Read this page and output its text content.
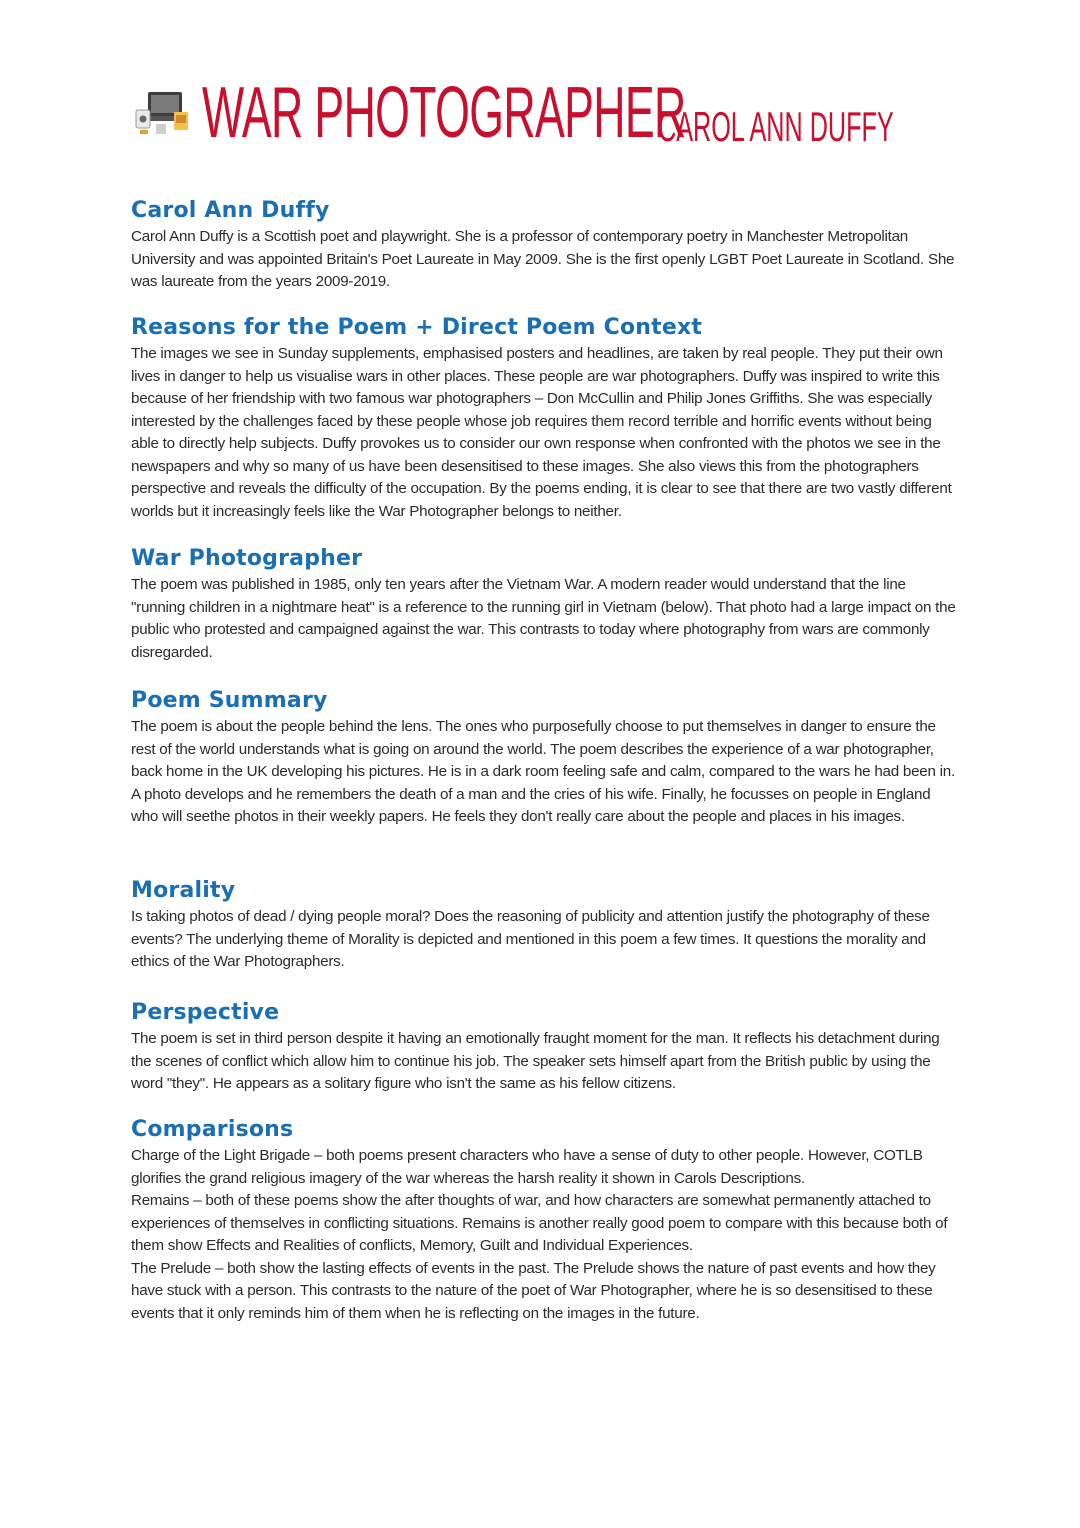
WAR PHOTOGRAPHER
CAROL ANN DUFFY
Carol Ann Duffy

Carol Ann Duffy is a Scottish poet and playwright. She is a professor of contemporary poetry in Manchester Metropolitan University and was appointed Britain's Poet Laureate in May 2009. She is the first openly LGBT Poet Laureate in Scotland. She was laureate from the years 2009-2019.

Reasons for the Poem + Direct Poem Context

The images we see in Sunday supplements, emphasised posters and headlines, are taken by real people. They put their own lives in danger to help us visualise wars in other places. These people are war photographers. Duffy was inspired to write this because of her friendship with two famous war photographers – Don McCullin and Philip Jones Griffiths. She was especially interested by the challenges faced by these people whose job requires them record terrible and horrific events without being able to directly help subjects. Duffy provokes us to consider our own response when confronted with the photos we see in the newspapers and why so many of us have been desensitised to these images. She also views this from the photographers perspective and reveals the difficulty of the occupation. By the poems ending, it is clear to see that there are two vastly different worlds but it increasingly feels like the War Photographer belongs to neither.

War Photographer

The poem was published in 1985, only ten years after the Vietnam War. A modern reader would understand that the line "running children in a nightmare heat" is a reference to the running girl in Vietnam (below). That photo had a large impact on the public who protested and campaigned against the war. This contrasts to today where photography from wars are commonly disregarded.

Poem Summary

The poem is about the people behind the lens. The ones who purposefully choose to put themselves in danger to ensure the rest of the world understands what is going on around the world. The poem describes the experience of a war photographer, back home in the UK developing his pictures. He is in a dark room feeling safe and calm, compared to the wars he had been in. A photo develops and he remembers the death of a man and the cries of his wife. Finally, he focusses on people in England who will seethe photos in their weekly papers. He feels they don't really care about the people and places in his images.

Morality

Is taking photos of dead / dying people moral? Does the reasoning of publicity and attention justify the photography of these events? The underlying theme of Morality is depicted and mentioned in this poem a few times. It questions the morality and ethics of the War Photographers.

Perspective

The poem is set in third person despite it having an emotionally fraught moment for the man. It reflects his detachment during the scenes of conflict which allow him to continue his job. The speaker sets himself apart from the British public by using the word "they". He appears as a solitary figure who isn't the same as his fellow citizens.

Comparisons

Charge of the Light Brigade – both poems present characters who have a sense of duty to other people. However, COTLB glorifies the grand religious imagery of the war whereas the harsh reality it shown in Carols Descriptions.

Remains – both of these poems show the after thoughts of war, and how characters are somewhat permanently attached to experiences of themselves in conflicting situations. Remains is another really good poem to compare with this because both of them show Effects and Realities of conflicts, Memory, Guilt and Individual Experiences.

The Prelude – both show the lasting effects of events in the past. The Prelude shows the nature of past events and how they have stuck with a person. This contrasts to the nature of the poet of War Photographer, where he is so desensitised to these events that it only reminds him of them when he is reflecting on the images in the future.
